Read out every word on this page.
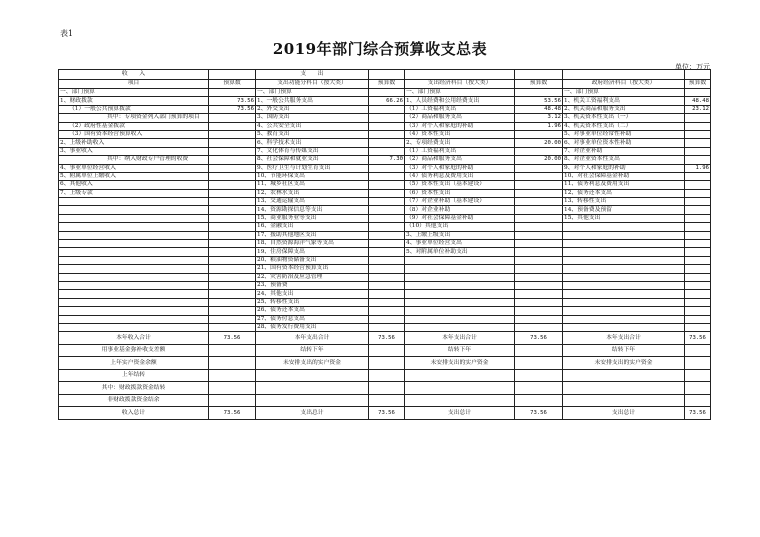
表1
2019年部门综合预算收支总表
单位：万元
收　　入		支　　出					
项目	预算数	支出功能分科目（按大类）	预算数	支出经济科目（按大类）	预算数	政府经济科目（按大类）	预算数
一、部门预算		一、部门预算		一、部门预算		一、部门预算	
1、财政拨款	73.56	1、一般公共服务支出	66.26	1、人员经费和公用经费支出	53.56	1、机关工资福利支出	48.48
（1）一般公共预算拨款	73.56	2、外交支出		（1）工资福利支出	48.48	2、机关商品和服务支出	23.12
其中：专项资金列入部门预算的项目		3、国防支出		（2）商品和服务支出	3.12	3、机关资本性支出（一）	
（2）政府性基金拨款		4、公共安全支出		（3）对个人和家庭的补助	1.96	4、机关资本性支出（二）	
（3）国有资本经营预算收入		5、教育支出		（4）资本性支出		5、对事业单位经常性补助	
2、上级补助收入		6、科学技术支出		2、专项经费支出	20.00	6、对事业单位资本性补助	
3、事业收入		7、文化体育与传媒支出		（1）工资福利支出		7、对企业补助	
其中：纳入财政专户管理的收费		8、社会保障和就业支出	7.30	（2）商品和服务支出	20.00	8、对企业资本性支出	
4、事业单位经营收入		9、医疗卫生与计划生育支出		（3）对个人和家庭的补助		9、对个人和家庭的补助	1.96
5、附属单位上缴收入		10、节能环保支出		（4）债务利息及费用支出		10、对社会保障基金补助	
6、其他收入		11、城乡社区支出		（5）资本性支出（基本建设）		11、债务利息及费用支出	
7、上级专款		12、农林水支出		（6）资本性支出		12、债务还本支出	
		13、交通运输支出		（7）对企业补助（基本建设）		13、转移性支出	
		14、资源勘探信息等支出		（8）对企业补助		14、预备费及预留	
		15、商业服务业等支出		（9）对社会保障基金补助		15、其他支出	
		16、金融支出		（10）其他支出			
		17、援助其他地区支出		3、上缴上级支出			
		18、自然资源海洋气象等支出		4、事业单位经营支出			
		19、住房保障支出		5、对附属单位补助支出			
		20、粮油物资储备支出					
		21、国有资本经营预算支出					
		22、灾害防治及应急管理					
		23、预备费					
		24、其他支出					
		25、转移性支出					
		26、债务还本支出					
		27、债务付息支出					
		28、债务发行费用支出					
本年收入合计	73.56	本年支出合计	73.56	本年支出合计	73.56	本年支出合计	73.56
用事业基金弥补收支差额		结转下年		结转下年		结转下年	
上年实户资金余额		未安排支出的实户资金		未安排支出的实户资金		未安排支出的实户资金	
上年结转							
其中：财政拨款资金结转							
非财政拨款资金结余							
收入总计	73.56	支出总计	73.56	支出总计	73.56	支出总计	73.56
